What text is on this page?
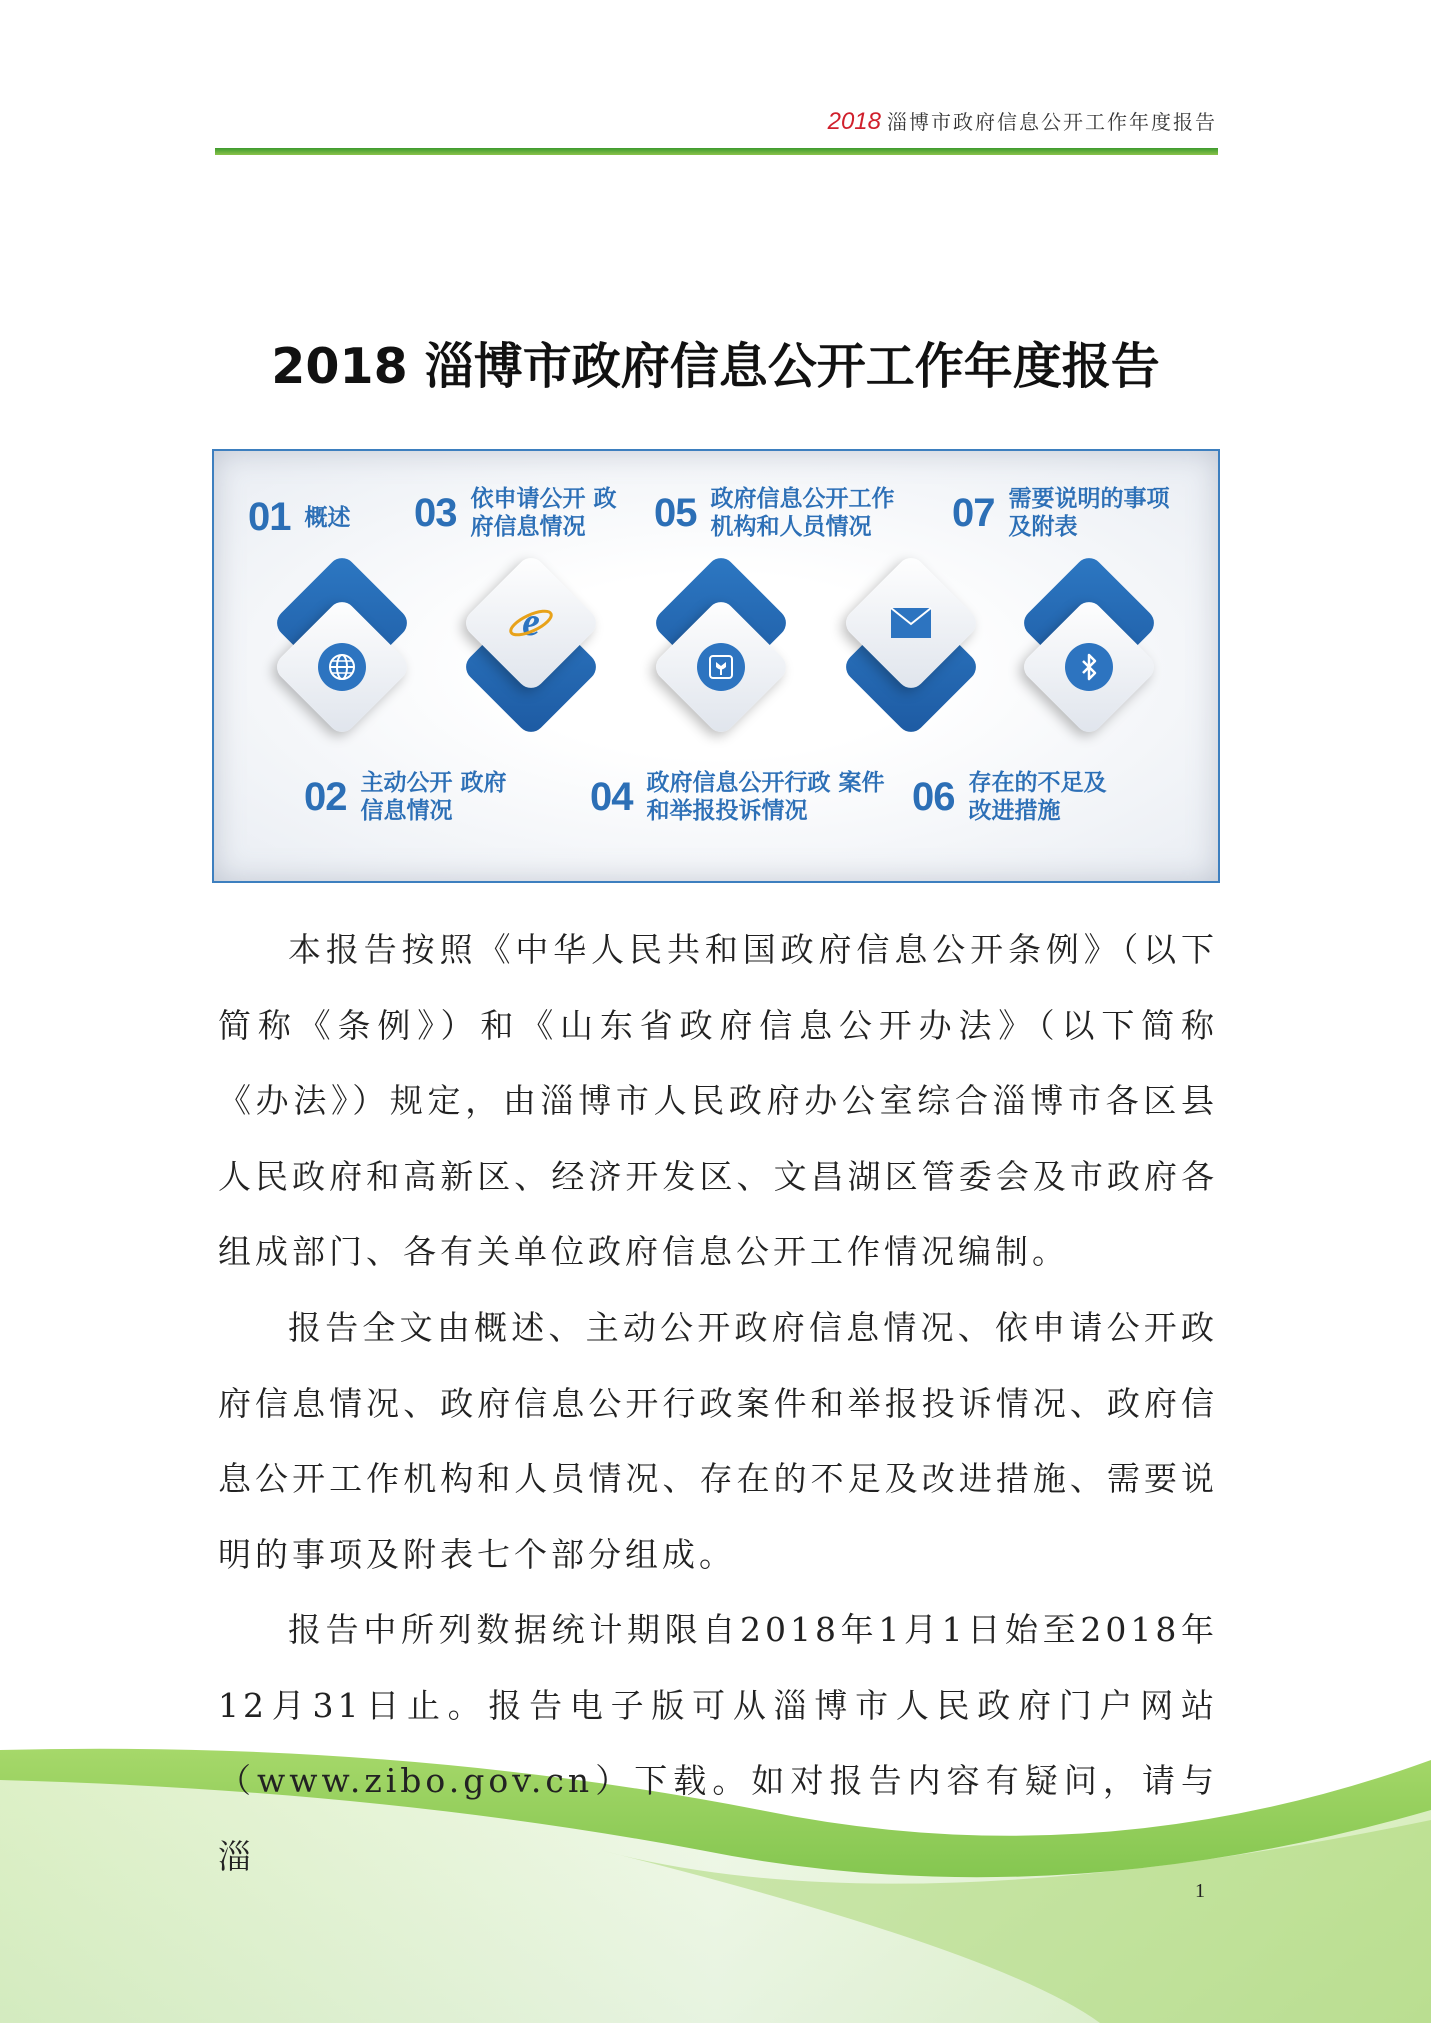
2018 淄博市政府信息公开工作年度报告
2018 淄博市政府信息公开工作年度报告
01 概述	03 依申请公开 政府信息情况	05 政府信息公开工作 机构和人员情况	07 需要说明的事项 及附表
e
02 主动公开 政府信息情况	04 政府信息公开行政 案件和举报投诉情况	06 存在的不足及 改进措施
本报告按照《中华人民共和国政府信息公开条例》（以下简称《条例》）和《山东省政府信息公开办法》（以下简称《办法》）规定，由淄博市人民政府办公室综合淄博市各区县人民政府和高新区、经济开发区、文昌湖区管委会及市政府各组成部门、各有关单位政府信息公开工作情况编制。
报告全文由概述、主动公开政府信息情况、依申请公开政府信息情况、政府信息公开行政案件和举报投诉情况、政府信息公开工作机构和人员情况、存在的不足及改进措施、需要说明的事项及附表七个部分组成。
报告中所列数据统计期限自2018年1月1日始至2018年12月31日止。报告电子版可从淄博市人民政府门户网站（www.zibo.gov.cn）下载。如对报告内容有疑问，请与淄
1
